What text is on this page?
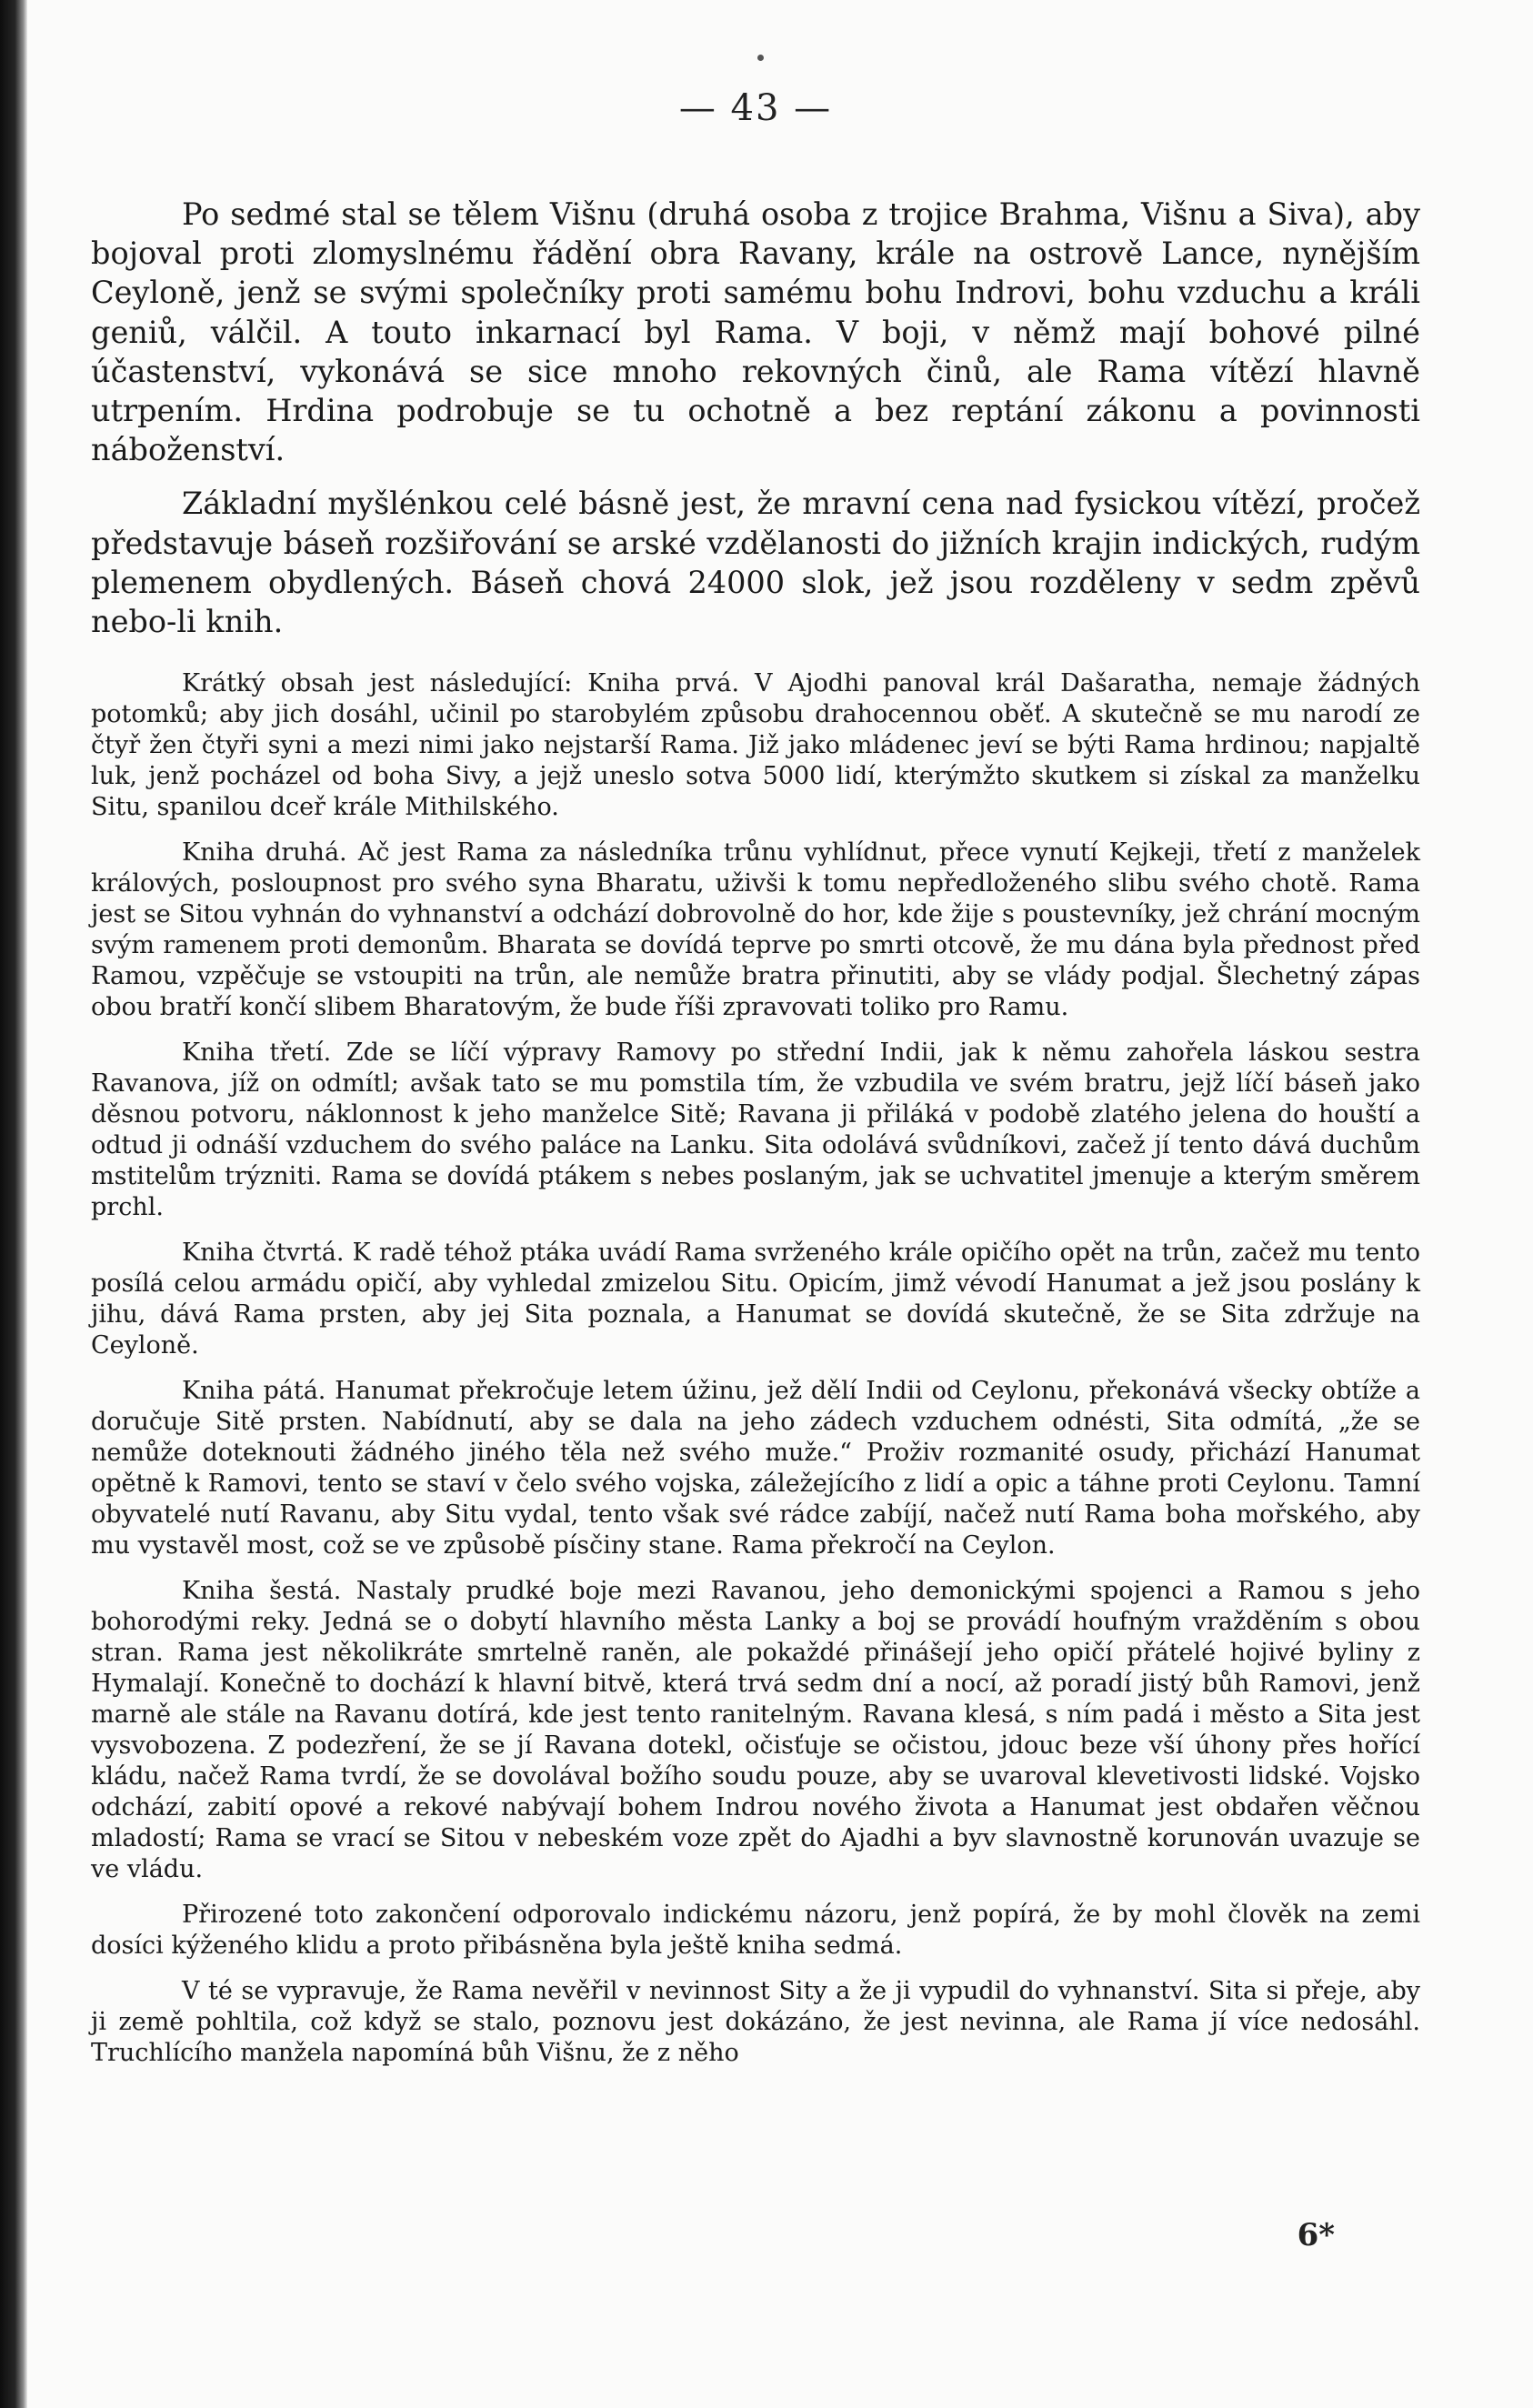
— 43 —

Po sedmé stal se tělem Višnu (druhá osoba z trojice Brahma, Višnu a Siva), aby bojoval proti zlomyslnému řádění obra Ravany, krále na ostrově Lance, nynějším Ceyloně, jenž se svými společníky proti samému bohu Indrovi, bohu vzduchu a králi geniů, válčil. A touto inkarnací byl Rama. V boji, v němž mají bohové pilné účastenství, vykonává se sice mnoho rekovných činů, ale Rama vítězí hlavně utrpením. Hrdina podrobuje se tu ochotně a bez reptání zákonu a povinnosti náboženství.

Základní myšlénkou celé básně jest, že mravní cena nad fysickou vítězí, pročež představuje báseň rozšiřování se arské vzdělanosti do jižních krajin indických, rudým plemenem obydlených. Báseň chová 24000 slok, jež jsou rozděleny v sedm zpěvů nebo-li knih.

Krátký obsah jest následující: Kniha prvá. V Ajodhi panoval král Dašaratha, nemaje žádných potomků; aby jich dosáhl, učinil po starobylém způsobu drahocennou oběť. A skutečně se mu narodí ze čtyř žen čtyři syni a mezi nimi jako nejstarší Rama. Již jako mládenec jeví se býti Rama hrdinou; napjaltě luk, jenž pocházel od boha Sivy, a jejž uneslo sotva 5000 lidí, kterýmžto skutkem si získal za manželku Situ, spanilou dceř krále Mithilského.

Kniha druhá. Ač jest Rama za následníka trůnu vyhlídnut, přece vynutí Kejkeji, třetí z manželek králových, posloupnost pro svého syna Bharatu, uživši k tomu nepředloženého slibu svého chotě. Rama jest se Sitou vyhnán do vyhnanství a odchází dobrovolně do hor, kde žije s poustevníky, jež chrání mocným svým ramenem proti demonům. Bharata se dovídá teprve po smrti otcově, že mu dána byla přednost před Ramou, vzpěčuje se vstoupiti na trůn, ale nemůže bratra přinutiti, aby se vlády podjal. Šlechetný zápas obou bratří končí slibem Bharatovým, že bude říši zpravovati toliko pro Ramu.

Kniha třetí. Zde se líčí výpravy Ramovy po střední Indii, jak k němu zahořela láskou sestra Ravanova, jíž on odmítl; avšak tato se mu pomstila tím, že vzbudila ve svém bratru, jejž líčí báseň jako děsnou potvoru, náklonnost k jeho manželce Sitě; Ravana ji přiláká v podobě zlatého jelena do houští a odtud ji odnáší vzduchem do svého paláce na Lanku. Sita odolává svůdníkovi, začež jí tento dává duchům mstitelům trýzniti. Rama se dovídá ptákem s nebes poslaným, jak se uchvatitel jmenuje a kterým směrem prchl.

Kniha čtvrtá. K radě téhož ptáka uvádí Rama svrženého krále opičího opět na trůn, začež mu tento posílá celou armádu opičí, aby vyhledal zmizelou Situ. Opicím, jimž vévodí Hanumat a jež jsou poslány k jihu, dává Rama prsten, aby jej Sita poznala, a Hanumat se dovídá skutečně, že se Sita zdržuje na Ceyloně.

Kniha pátá. Hanumat překročuje letem úžinu, jež dělí Indii od Ceylonu, překonává všecky obtíže a doručuje Sitě prsten. Nabídnutí, aby se dala na jeho zádech vzduchem odnésti, Sita odmítá, „že se nemůže doteknouti žádného jiného těla než svého muže.“ Proživ rozmanité osudy, přichází Hanumat opětně k Ramovi, tento se staví v čelo svého vojska, záležejícího z lidí a opic a táhne proti Ceylonu. Tamní obyvatelé nutí Ravanu, aby Situ vydal, tento však své rádce zabíjí, načež nutí Rama boha mořského, aby mu vystavěl most, což se ve způsobě písčiny stane. Rama překročí na Ceylon.

Kniha šestá. Nastaly prudké boje mezi Ravanou, jeho demonickými spojenci a Ramou s jeho bohorodými reky. Jedná se o dobytí hlavního města Lanky a boj se provádí houfným vražděním s obou stran. Rama jest několikráte smrtelně raněn, ale pokaždé přinášejí jeho opičí přátelé hojivé byliny z Hymalají. Konečně to dochází k hlavní bitvě, která trvá sedm dní a nocí, až poradí jistý bůh Ramovi, jenž marně ale stále na Ravanu dotírá, kde jest tento ranitelným. Ravana klesá, s ním padá i město a Sita jest vysvobozena. Z podezření, že se jí Ravana dotekl, očisťuje se očistou, jdouc beze vší úhony přes hořící kládu, načež Rama tvrdí, že se dovolával božího soudu pouze, aby se uvaroval klevetivosti lidské. Vojsko odchází, zabití opové a rekové nabývají bohem Indrou nového života a Hanumat jest obdařen věčnou mladostí; Rama se vrací se Sitou v nebeském voze zpět do Ajadhi a byv slavnostně korunován uvazuje se ve vládu.

Přirozené toto zakončení odporovalo indickému názoru, jenž popírá, že by mohl člověk na zemi dosíci kýženého klidu a proto přibásněna byla ještě kniha sedmá.

V té se vypravuje, že Rama nevěřil v nevinnost Sity a že ji vypudil do vyhnanství. Sita si přeje, aby ji země pohltila, což když se stalo, poznovu jest dokázáno, že jest nevinna, ale Rama jí více nedosáhl. Truchlícího manžela napomíná bůh Višnu, že z něho

6*
